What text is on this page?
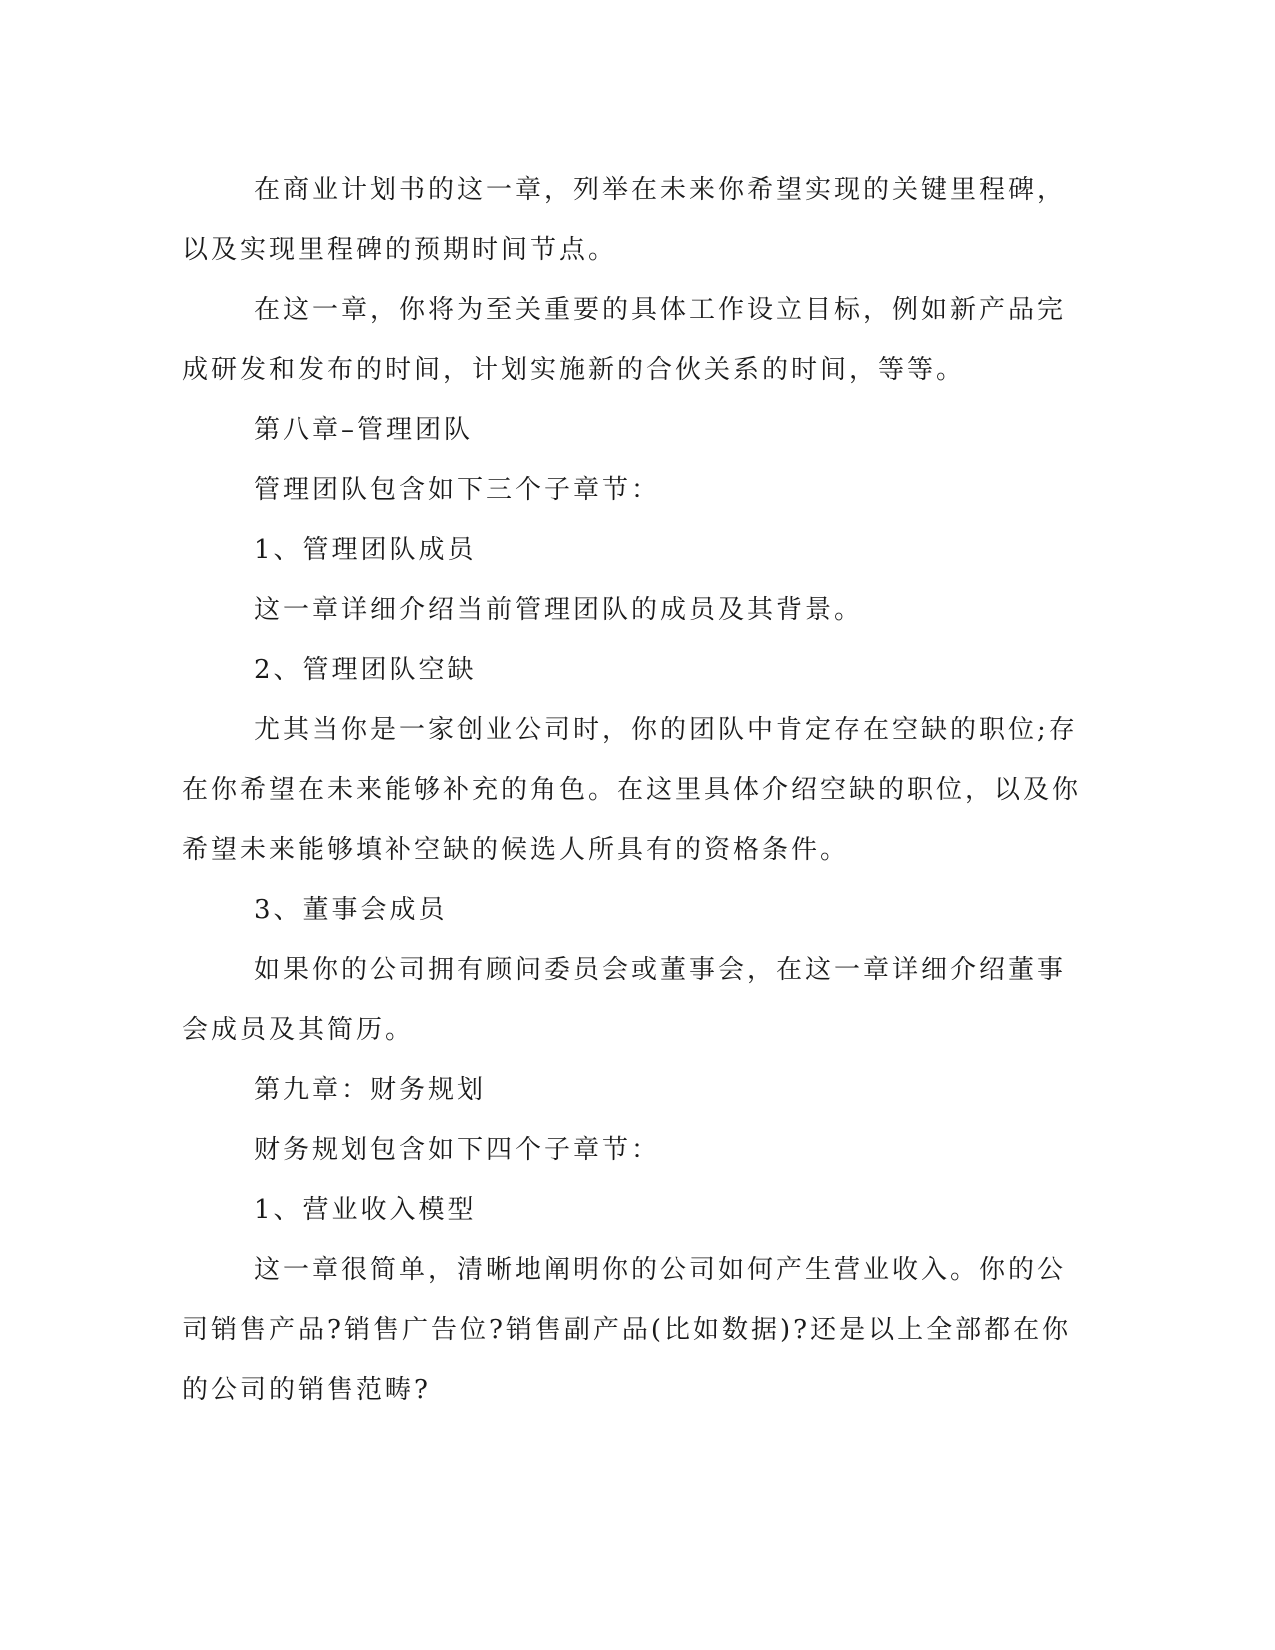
在商业计划书的这一章，列举在未来你希望实现的关键里程碑，以及实现里程碑的预期时间节点。

在这一章，你将为至关重要的具体工作设立目标，例如新产品完成研发和发布的时间，计划实施新的合伙关系的时间，等等。

第八章–管理团队

管理团队包含如下三个子章节：

1、管理团队成员

这一章详细介绍当前管理团队的成员及其背景。

2、管理团队空缺

尤其当你是一家创业公司时，你的团队中肯定存在空缺的职位;存在你希望在未来能够补充的角色。在这里具体介绍空缺的职位，以及你希望未来能够填补空缺的候选人所具有的资格条件。

3、董事会成员

如果你的公司拥有顾问委员会或董事会，在这一章详细介绍董事会成员及其简历。

第九章：财务规划

财务规划包含如下四个子章节：

1、营业收入模型

这一章很简单，清晰地阐明你的公司如何产生营业收入。你的公司销售产品?销售广告位?销售副产品(比如数据)?还是以上全部都在你的公司的销售范畴?
